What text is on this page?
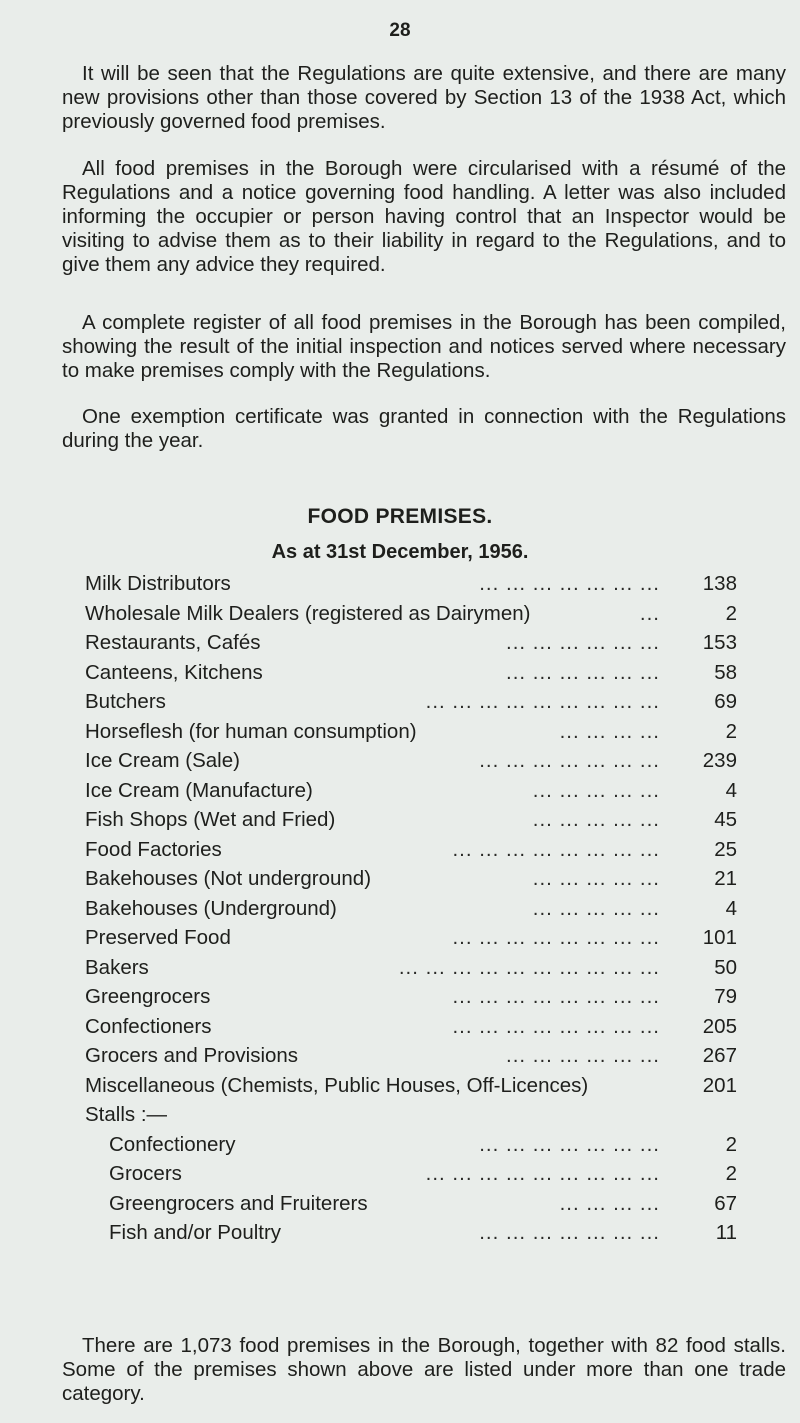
28

It will be seen that the Regulations are quite extensive, and there are many new provisions other than those covered by Section 13 of the 1938 Act, which previously governed food premises.

All food premises in the Borough were circularised with a résumé of the Regulations and a notice governing food handling. A letter was also included informing the occupier or person having control that an Inspector would be visiting to advise them as to their liability in regard to the Regulations, and to give them any advice they required.

A complete register of all food premises in the Borough has been compiled, showing the result of the initial inspection and notices served where necessary to make premises comply with the Regulations.

One exemption certificate was granted in connection with the Regulations during the year.

FOOD PREMISES.
As at 31st December, 1956.
Milk Distributors	... ... ... ... ... ... ... 138
Wholesale Milk Dealers (registered as Dairymen)	...	2
Restaurants, Cafés	... ... ... ... ... ... 153
Canteens, Kitchens	... ... ... ... ... ...	58
Butchers	... ... ... ... ... ... ... ... ...	69
Horseflesh (for human consumption)	... ... ... ...	2
Ice Cream (Sale)	... ... ... ... ... ... ... 239
Ice Cream (Manufacture)	... ... ... ... ...	4
Fish Shops (Wet and Fried)	... ... ... ... ...	45
Food Factories	... ... ... ... ... ... ... ...	25
Bakehouses (Not underground)	... ... ... ... ...	21
Bakehouses (Underground)	... ... ... ... ...	4
Preserved Food	... ... ... ... ... ... ... ... 101
Bakers	... ... ... ... ... ... ... ... ... ...	50
Greengrocers	... ... ... ... ... ... ... ...	79
Confectioners	... ... ... ... ... ... ... ... 205
Grocers and Provisions	... ... ... ... ... ... 267
Miscellaneous (Chemists, Public Houses, Off-Licences)	201
Stalls :—
Confectionery	... ... ... ... ... ... ...	2
Grocers	... ... ... ... ... ... ... ... ...	2
Greengrocers and Fruiterers	... ... ... ...	67
Fish and/or Poultry	... ... ... ... ... ... ...	11

There are 1,073 food premises in the Borough, together with 82 food stalls. Some of the premises shown above are listed under more than one trade category.
